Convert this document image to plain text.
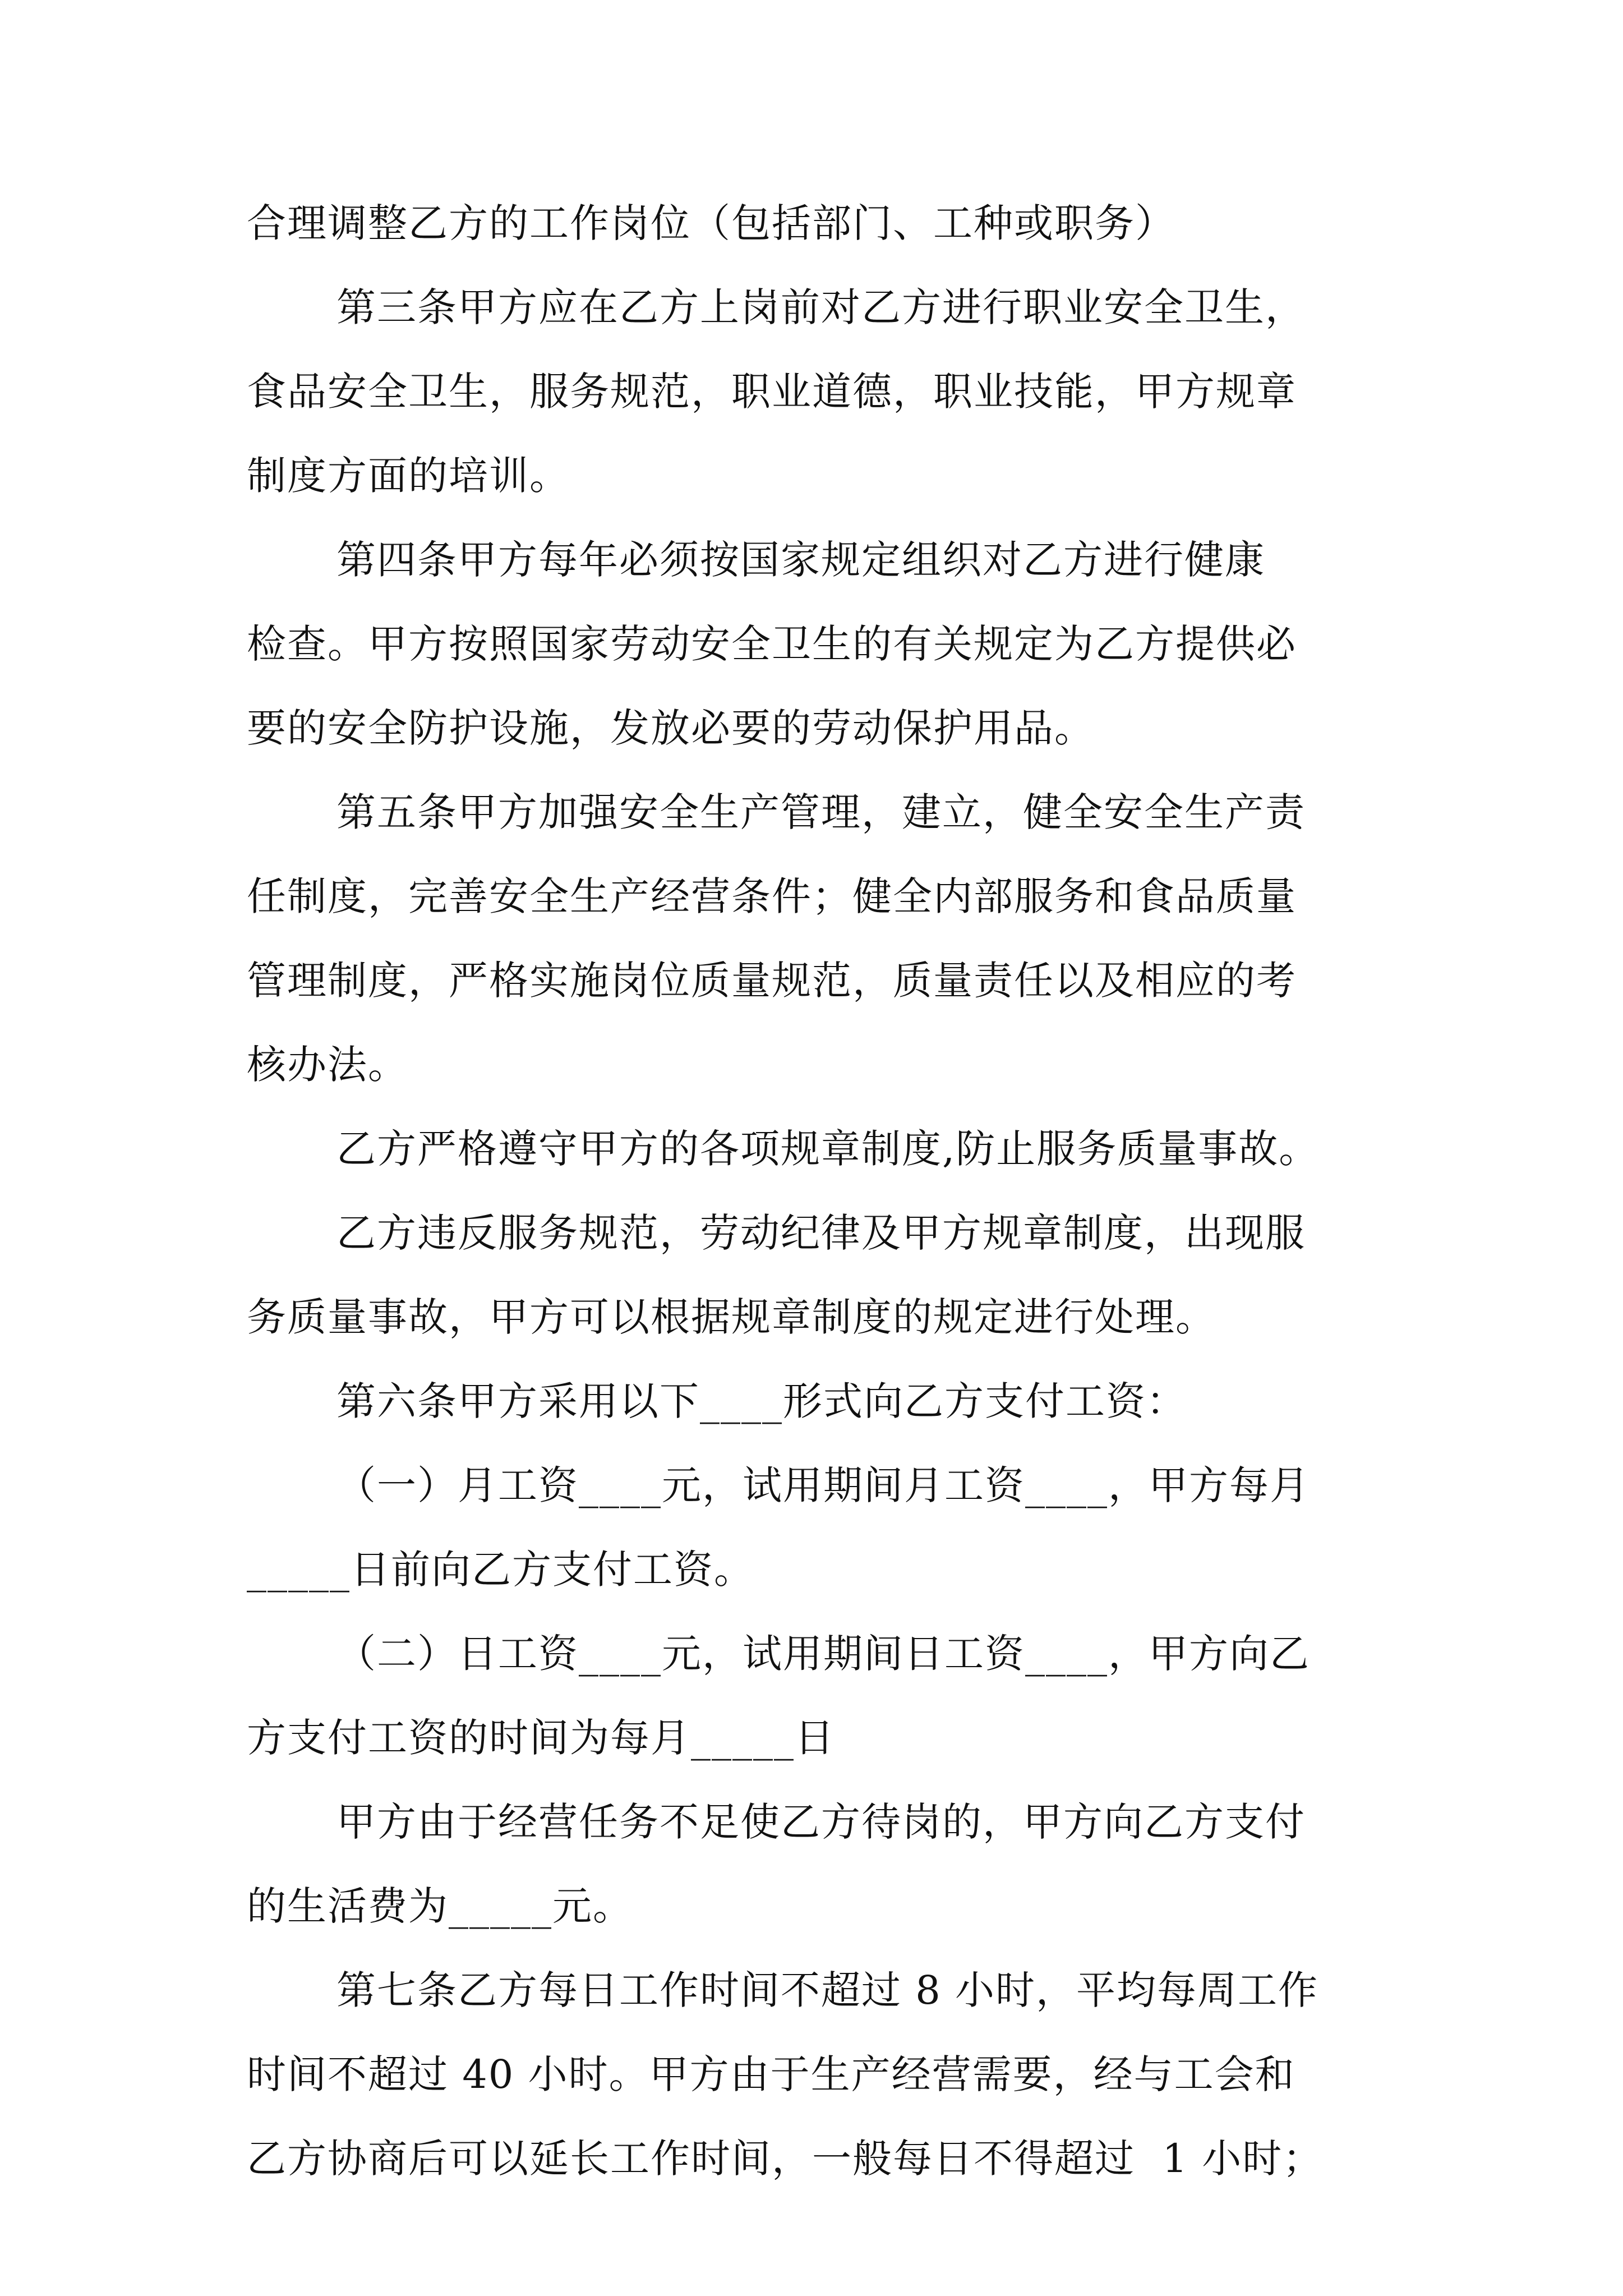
合理调整乙方的工作岗位（包括部门、工种或职务）
第三条甲方应在乙方上岗前对乙方进行职业安全卫生，
食品安全卫生，服务规范，职业道德，职业技能，甲方规章
制度方面的培训。
第四条甲方每年必须按国家规定组织对乙方进行健康
检查。甲方按照国家劳动安全卫生的有关规定为乙方提供必
要的安全防护设施，发放必要的劳动保护用品。
第五条甲方加强安全生产管理，建立，健全安全生产责
任制度，完善安全生产经营条件；健全内部服务和食品质量
管理制度，严格实施岗位质量规范，质量责任以及相应的考
核办法。
乙方严格遵守甲方的各项规章制度,防止服务质量事故。
乙方违反服务规范，劳动纪律及甲方规章制度，出现服
务质量事故，甲方可以根据规章制度的规定进行处理。
第六条甲方采用以下____形式向乙方支付工资：
（一）月工资____元，试用期间月工资____，甲方每月
_____日前向乙方支付工资。
（二）日工资____元，试用期间日工资____，甲方向乙
方支付工资的时间为每月_____日
甲方由于经营任务不足使乙方待岗的，甲方向乙方支付
的生活费为_____元。
第七条乙方每日工作时间不超过 8 小时，平均每周工作
时间不超过 40 小时。甲方由于生产经营需要，经与工会和
乙方协商后可以延长工作时间，一般每日不得超过  1 小时；
